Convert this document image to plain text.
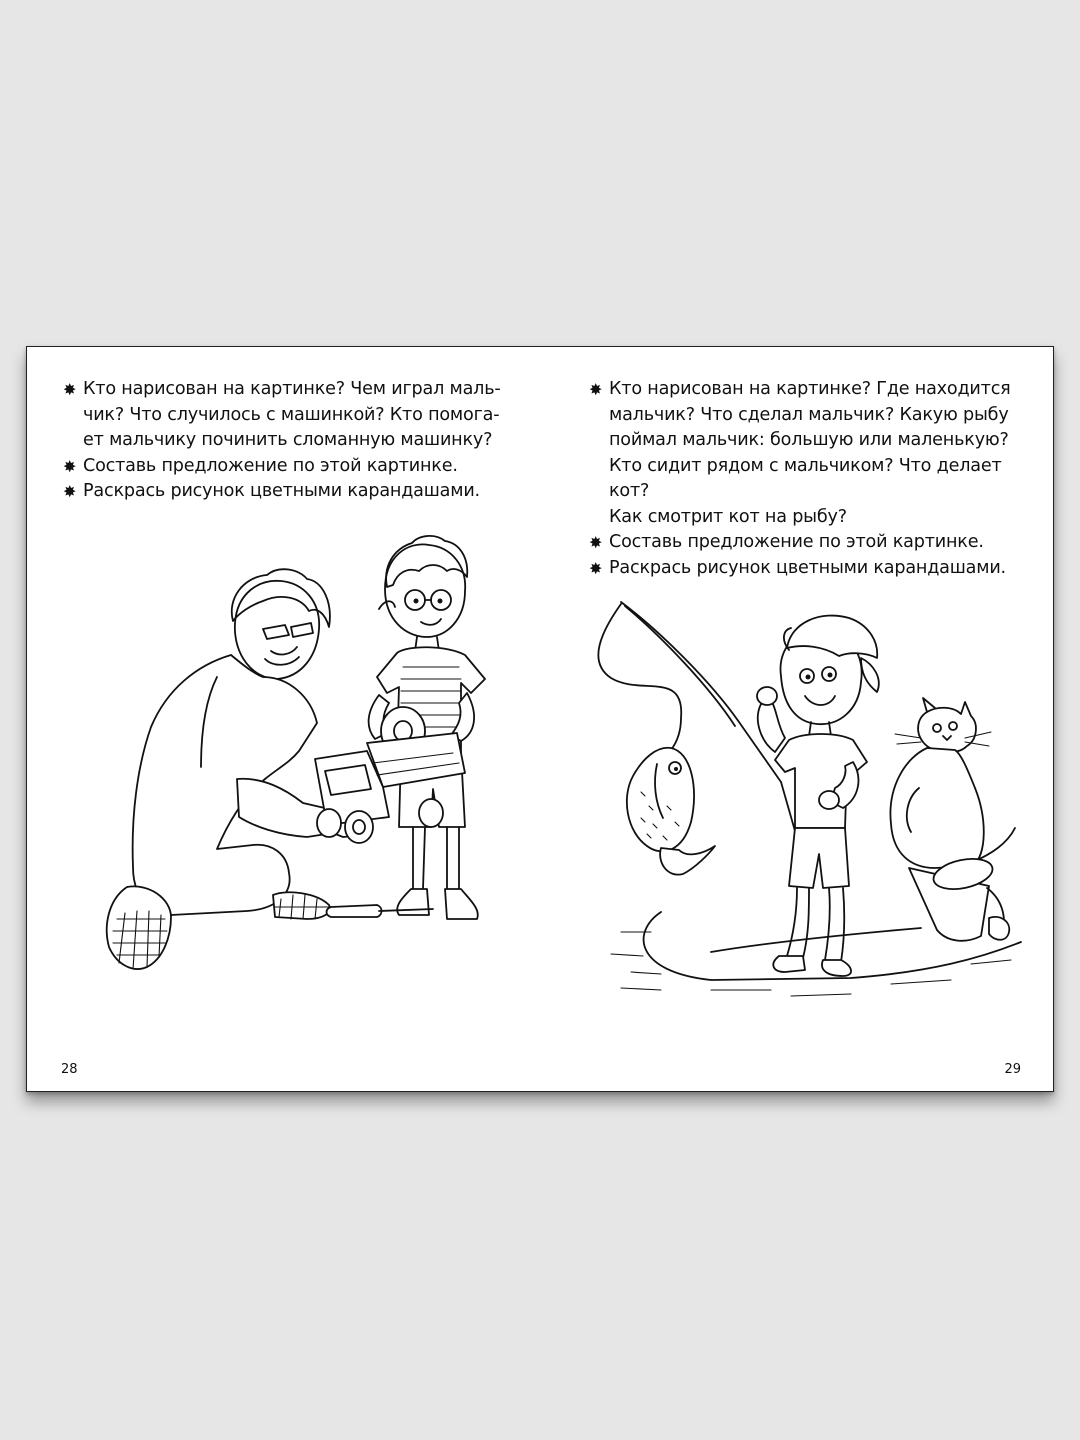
✸ Кто нарисован на картинке? Чем играл маль-
чик? Что случилось с машинкой? Кто помога-
ет мальчику починить сломанную машинку?
✸ Составь предложение по этой картинке.
✸ Раскрась рисунок цветными карандашами.
28
✸ Кто нарисован на картинке? Где находится
мальчик? Что сделал мальчик? Какую рыбу
поймал мальчик: большую или маленькую?
Кто сидит рядом с мальчиком? Что делает кот?
Как смотрит кот на рыбу?
✸ Составь предложение по этой картинке.
✸ Раскрась рисунок цветными карандашами.
29
